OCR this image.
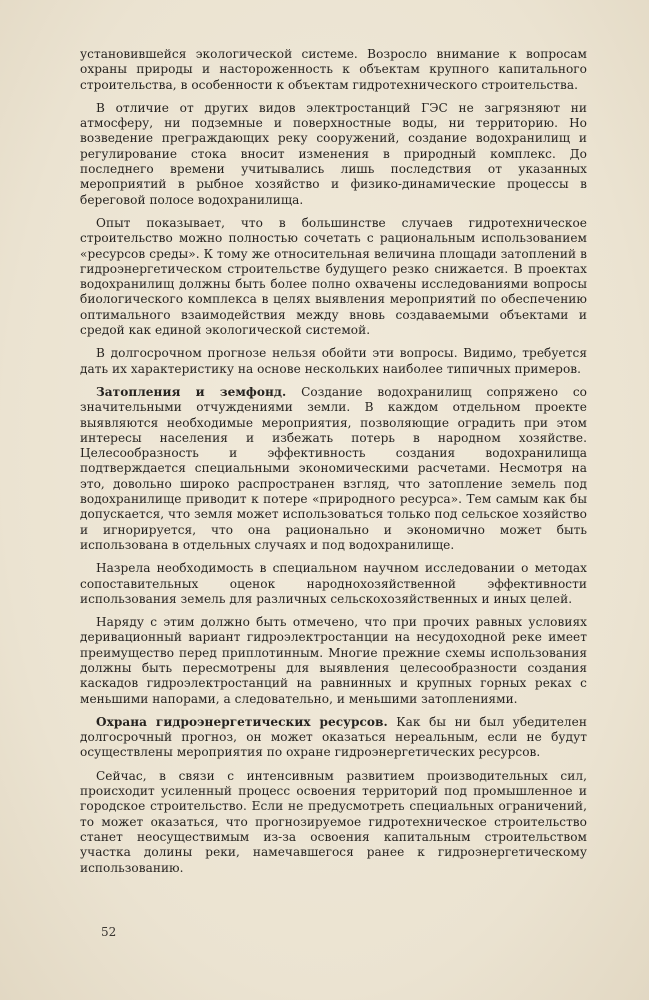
установившейся экологической системе. Возросло внимание к вопросам охраны природы и настороженность к объектам крупного капитального строительства, в особенности к объектам гидротехнического строительства.

В отличие от других видов электростанций ГЭС не загрязняют ни атмосферу, ни подземные и поверхностные воды, ни территорию. Но возведение преграждающих реку сооружений, создание водохранилищ и регулирование стока вносит изменения в природный комплекс. До последнего времени учитывались лишь последствия от указанных мероприятий в рыбное хозяйство и физико-динамические процессы в береговой полосе водохранилища.

Опыт показывает, что в большинстве случаев гидротехническое строительство можно полностью сочетать с рациональным использованием «ресурсов среды». К тому же относительная величина площади затоплений в гидроэнергетическом строительстве будущего резко снижается. В проектах водохранилищ должны быть более полно охвачены исследованиями вопросы биологического комплекса в целях выявления мероприятий по обеспечению оптимального взаимодействия между вновь создаваемыми объектами и средой как единой экологической системой.

В долгосрочном прогнозе нельзя обойти эти вопросы. Видимо, требуется дать их характеристику на основе нескольких наиболее типичных примеров.

Затопления и земфонд. Создание водохранилищ сопряжено со значительными отчуждениями земли. В каждом отдельном проекте выявляются необходимые мероприятия, позволяющие оградить при этом интересы населения и избежать потерь в народном хозяйстве. Целесообразность и эффективность создания водохранилища подтверждается специальными экономическими расчетами. Несмотря на это, довольно широко распространен взгляд, что затопление земель под водохранилище приводит к потере «природного ресурса». Тем самым как бы допускается, что земля может использоваться только под сельское хозяйство и игнорируется, что она рационально и экономично может быть использована в отдельных случаях и под водохранилище.

Назрела необходимость в специальном научном исследовании о методах сопоставительных оценок народнохозяйственной эффективности использования земель для различных сельскохозяйственных и иных целей.

Наряду с этим должно быть отмечено, что при прочих равных условиях деривационный вариант гидроэлектростанции на несудоходной реке имеет преимущество перед приплотинным. Многие прежние схемы использования должны быть пересмотрены для выявления целесообразности создания каскадов гидроэлектростанций на равнинных и крупных горных реках с меньшими напорами, а следовательно, и меньшими затоплениями.

Охрана гидроэнергетических ресурсов. Как бы ни был убедителен долгосрочный прогноз, он может оказаться нереальным, если не будут осуществлены мероприятия по охране гидроэнергетических ресурсов.

Сейчас, в связи с интенсивным развитием производительных сил, происходит усиленный процесс освоения территорий под промышленное и городское строительство. Если не предусмотреть специальных ограничений, то может оказаться, что прогнозируемое гидротехническое строительство станет неосуществимым из-за освоения капитальным строительством участка долины реки, намечавшегося ранее к гидроэнергетическому использованию.

52
